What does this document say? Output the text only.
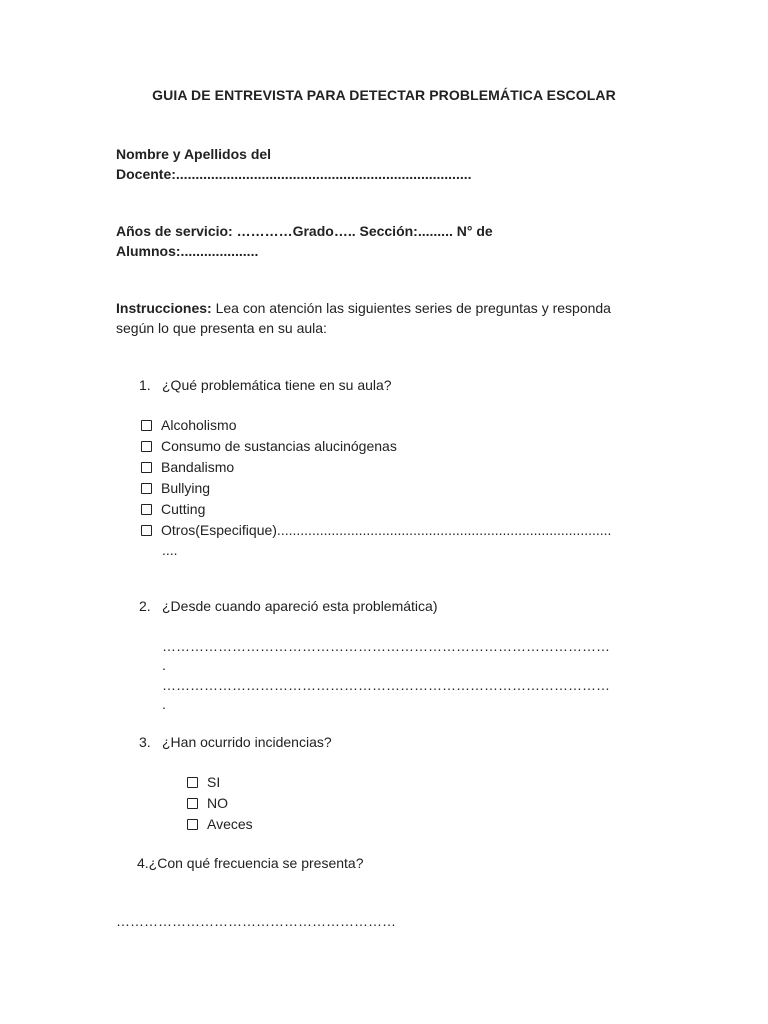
GUIA DE ENTREVISTA PARA DETECTAR PROBLEMÁTICA ESCOLAR
Nombre y Apellidos del
Docente:............................................................................
Años de servicio: …………Grado….. Sección:......... N° de
Alumnos:....................
Instrucciones: Lea con atención las siguientes series de preguntas y responda
según lo que presenta en su aula:
1. ¿Qué problemática tiene en su aula?
Alcoholismo
Consumo de sustancias alucinógenas
Bandalismo
Bullying
Cutting
Otros(Especifique)......................................................................................
....
2. ¿Desde cuando apareció esta problemática)
……………………………………………………………………………………
.
……………………………………………………………………………………
.
3. ¿Han ocurrido incidencias?
SI
NO
Aveces
4.¿Con qué frecuencia se presenta?
……………………………………………………
